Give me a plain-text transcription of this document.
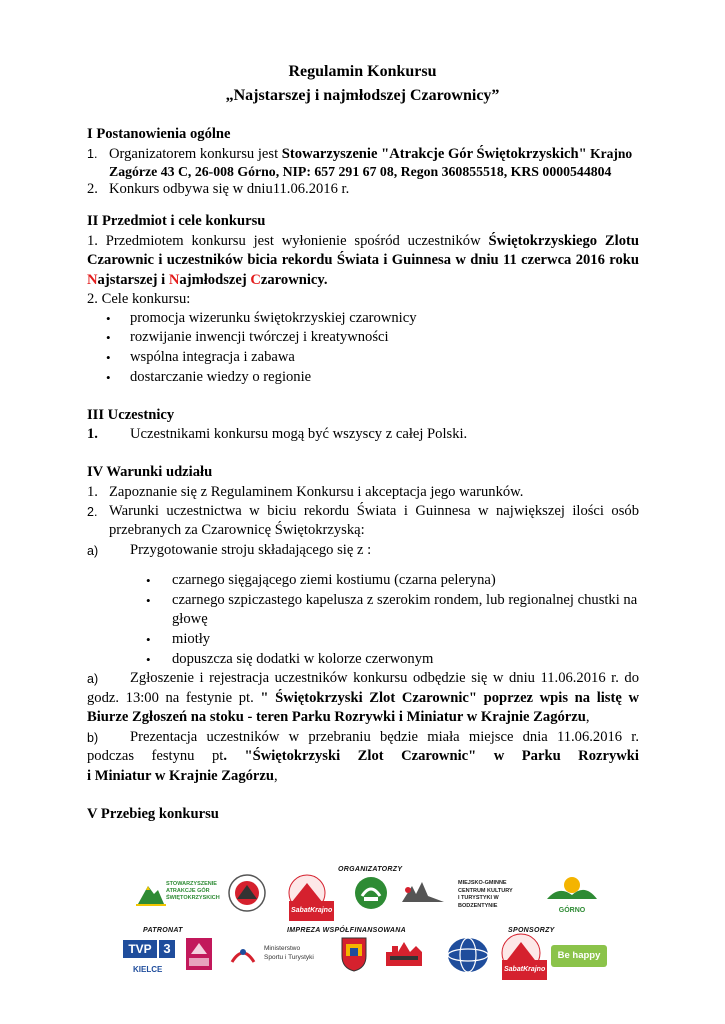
Regulamin Konkursu
„Najstarszej i najmłodszej Czarownicy”
I Postanowienia ogólne
1. Organizatorem konkursu jest Stowarzyszenie "Atrakcje Gór Świętokrzyskich" Krajno
Zagórze 43 C, 26-008 Górno, NIP: 657 291 67 08, Regon 360855518, KRS 0000544804
2. Konkurs odbywa się w dniu11.06.2016 r.
II Przedmiot i cele konkursu
1. Przedmiotem konkursu jest wyłonienie spośród uczestników Świętokrzyskiego Zlotu
Czarownic i uczestników bicia rekordu Świata i Guinnesa w dniu 11 czerwca 2016 roku
Najstarszej i Najmłodszej Czarownicy.
2. Cele konkursu:
• promocja wizerunku świętokrzyskiej czarownicy
• rozwijanie inwencji twórczej i kreatywności
• wspólna integracja i zabawa
• dostarczanie wiedzy o regionie
III Uczestnicy
1. Uczestnikami konkursu mogą być wszyscy z całej Polski.
IV Warunki udziału
1. Zapoznanie się z Regulaminem Konkursu i akceptacja jego warunków.
2. Warunki uczestnictwa w biciu rekordu Świata i Guinnesa w największej ilości osób
przebranych za Czarownicę Świętokrzyską:
a) Przygotowanie stroju składającego się z :
• czarnego sięgającego ziemi kostiumu (czarna peleryna)
• czarnego szpiczastego kapelusza z szerokim rondem, lub regionalnej chustki na
głowę
• miotły
• dopuszcza się dodatki w kolorze czerwonym
a) Zgłoszenie i rejestracja uczestników konkursu odbędzie się w dniu 11.06.2016 r. do
godz. 13:00 na festynie pt. " Świętokrzyski Zlot Czarownic" poprzez wpis na listę w
Biurze Zgłoszeń na stoku - teren Parku Rozrywki i Miniatur w Krajnie Zagórzu,
b) Prezentacja uczestników w przebraniu będzie miała miejsce dnia 11.06.2016 r.
podczas festynu pt. "Świętokrzyski Zlot Czarownic" w Parku Rozrywki
i Miniatur w Krajnie Zagórzu,
V Przebieg konkursu
ORGANIZATORZY
PATRONAT	IMPREZA WSPÓŁFINANSOWANA	SPONSORZY
STOWARZYSZENIE
ATRAKCJE GÓR
ŚWIĘTOKRZYSKICH
SabatKrajno
MIEJSKO-GMINNE
CENTRUM KULTURY
I TURYSTYKI W BODZENTYNIE
GÓRNO
TVP 3
KIELCE
Ministerstwo
Sportu i Turystyki
SabatKrajno
Be happy
